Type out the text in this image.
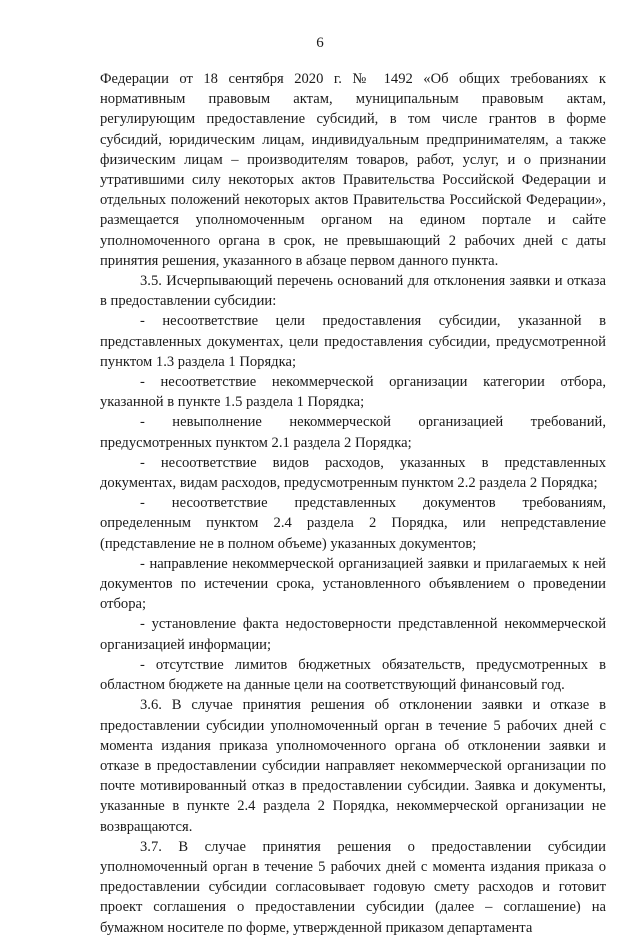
6

Федерации от 18 сентября 2020 г. № 1492 «Об общих требованиях к нормативным правовым актам, муниципальным правовым актам, регулирующим предоставление субсидий, в том числе грантов в форме субсидий, юридическим лицам, индивидуальным предпринимателям, а также физическим лицам – производителям товаров, работ, услуг, и о признании утратившими силу некоторых актов Правительства Российской Федерации и отдельных положений некоторых актов Правительства Российской Федерации», размещается уполномоченным органом на едином портале и сайте уполномоченного органа в срок, не превышающий 2 рабочих дней с даты принятия решения, указанного в абзаце первом данного пункта.

3.5. Исчерпывающий перечень оснований для отклонения заявки и отказа в предоставлении субсидии:

- несоответствие цели предоставления субсидии, указанной в представленных документах, цели предоставления субсидии, предусмотренной пунктом 1.3 раздела 1 Порядка;

- несоответствие некоммерческой организации категории отбора, указанной в пункте 1.5 раздела 1 Порядка;

- невыполнение некоммерческой организацией требований, предусмотренных пунктом 2.1 раздела 2 Порядка;

- несоответствие видов расходов, указанных в представленных документах, видам расходов, предусмотренным пунктом 2.2 раздела 2 Порядка;

- несоответствие представленных документов требованиям, определенным пунктом 2.4 раздела 2 Порядка, или непредставление (представление не в полном объеме) указанных документов;

- направление некоммерческой организацией заявки и прилагаемых к ней документов по истечении срока, установленного объявлением о проведении отбора;

- установление факта недостоверности представленной некоммерческой организацией информации;

- отсутствие лимитов бюджетных обязательств, предусмотренных в областном бюджете на данные цели на соответствующий финансовый год.

3.6. В случае принятия решения об отклонении заявки и отказе в предоставлении субсидии уполномоченный орган в течение 5 рабочих дней с момента издания приказа уполномоченного органа об отклонении заявки и отказе в предоставлении субсидии направляет некоммерческой организации по почте мотивированный отказ в предоставлении субсидии. Заявка и документы, указанные в пункте 2.4 раздела 2 Порядка, некоммерческой организации не возвращаются.

3.7. В случае принятия решения о предоставлении субсидии уполномоченный орган в течение 5 рабочих дней с момента издания приказа о предоставлении субсидии согласовывает годовую смету расходов и готовит проект соглашения о предоставлении субсидии (далее – соглашение) на бумажном носителе по форме, утвержденной приказом департамента
